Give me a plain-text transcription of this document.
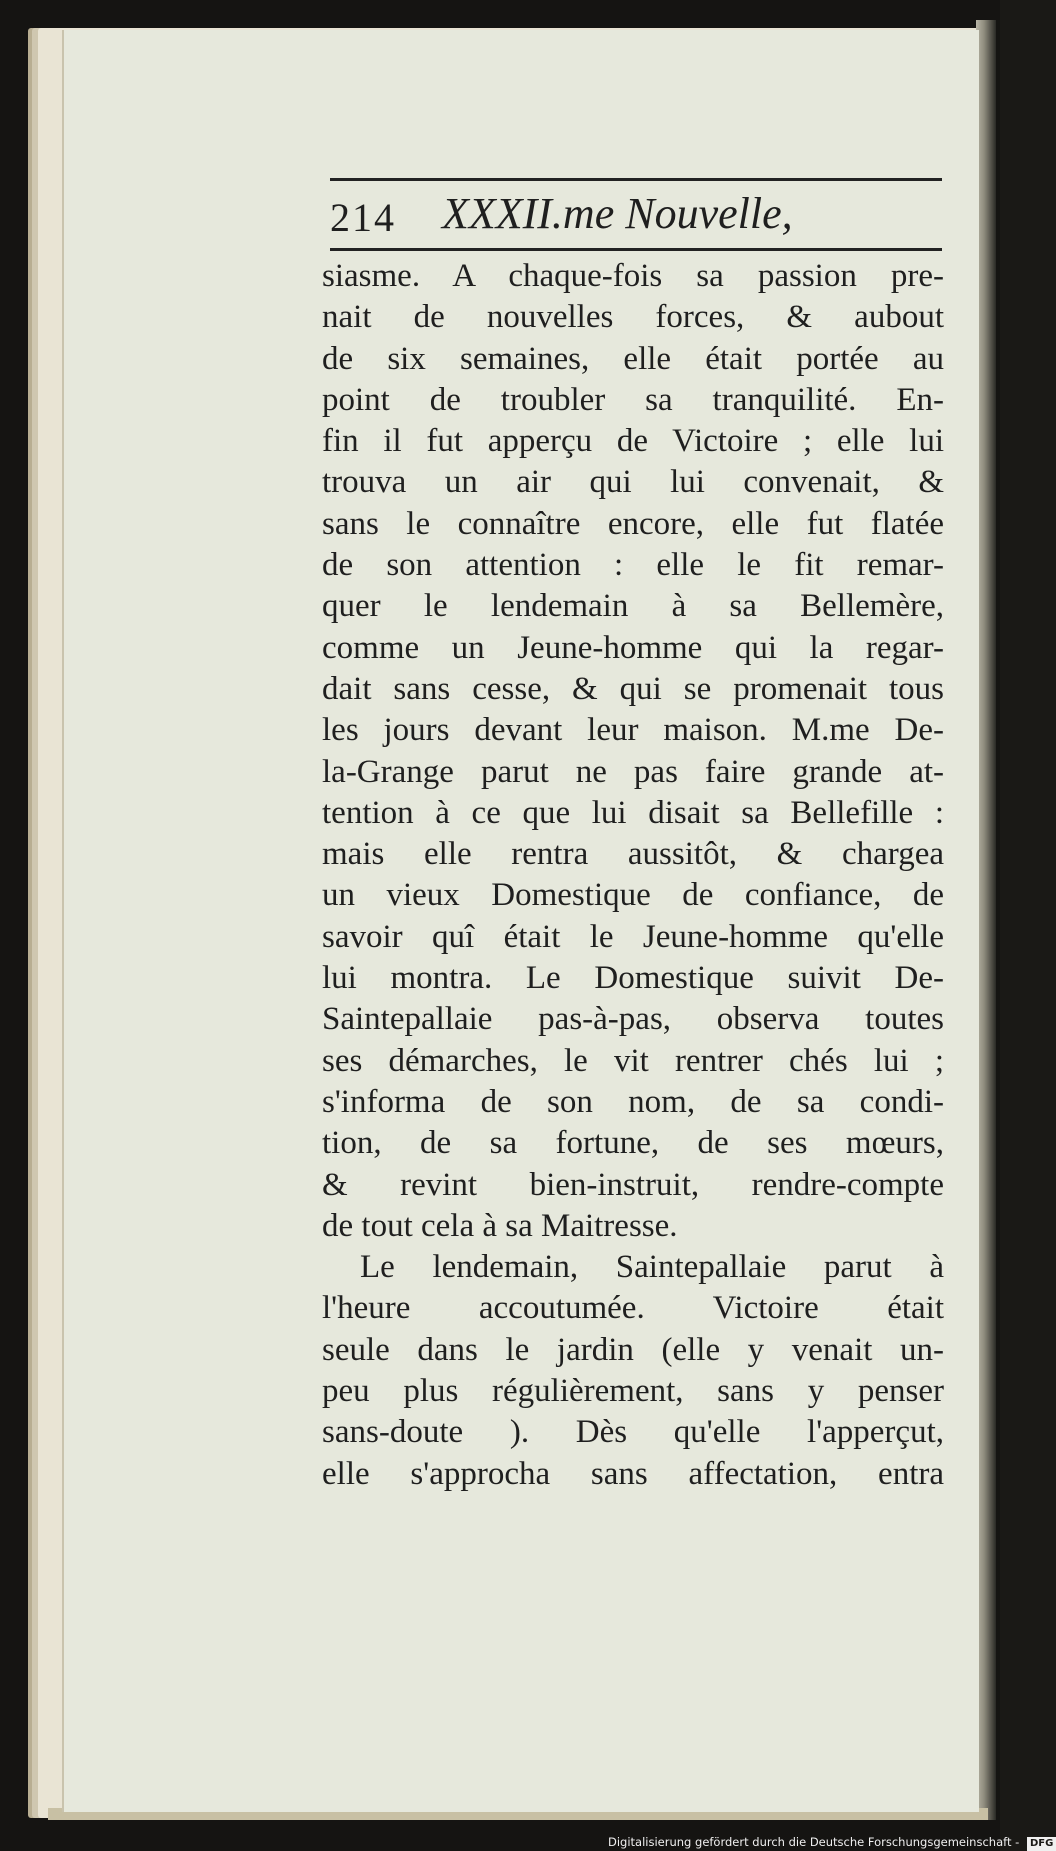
214 XXXII.me Nouvelle,
siasme. A chaque-fois sa passion pre-
nait de nouvelles forces, & aubout
de six semaines, elle était portée au
point de troubler sa tranquilité. En-
fin il fut apperçu de Victoire ; elle lui
trouva un air qui lui convenait, &
sans le connaître encore, elle fut flatée
de son attention : elle le fit remar-
quer le lendemain à sa Bellemère,
comme un Jeune-homme qui la regar-
dait sans cesse, & qui se promenait tous
les jours devant leur maison. M.me De-
la-Grange parut ne pas faire grande at-
tention à ce que lui disait sa Bellefille :
mais elle rentra aussitôt, & chargea
un vieux Domestique de confiance, de
savoir quî était le Jeune-homme qu'elle
lui montra. Le Domestique suivit De-
Saintepallaie pas-à-pas, observa toutes
ses démarches, le vit rentrer chés lui ;
s'informa de son nom, de sa condi-
tion, de sa fortune, de ses mœurs,
& revint bien-instruit, rendre-compte
de tout cela à sa Maitresse.
Le lendemain, Saintepallaie parut à
l'heure accoutumée. Victoire était
seule dans le jardin (elle y venait un-
peu plus régulièrement, sans y penser
sans-doute ). Dès qu'elle l'apperçut,
elle s'approcha sans affectation, entra
Digitalisierung gefördert durch die Deutsche Forschungsgemeinschaft - DFG
